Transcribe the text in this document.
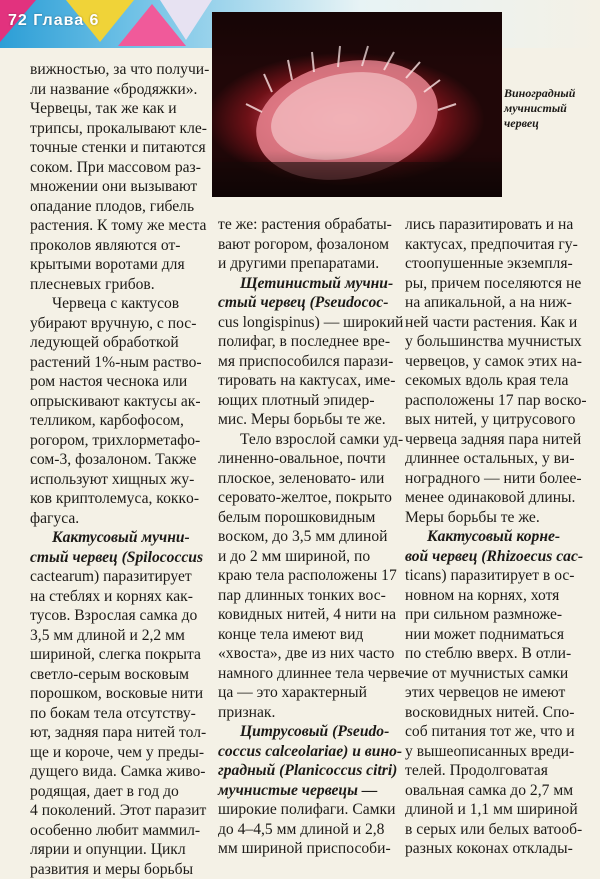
72 Глава 6
Виноградный
мучнистый
червец
вижностью, за что получи-
ли название «бродяжки».
Червецы, так же как и
трипсы, прокалывают кле-
точные стенки и питаются
соком. При массовом раз-
множении они вызывают
опадание плодов, гибель
растения. К тому же места
проколов являются от-
крытыми воротами для
плесневых грибов.
Червеца с кактусов
убирают вручную, с пос-
ледующей обработкой
растений 1%-ным раство-
ром настоя чеснока или
опрыскивают кактусы ак-
телликом, карбофосом,
рогором, трихлорметафо-
сом-3, фозалоном. Также
используют хищных жу-
ков криптолемуса, коккo-
фагуса.
Кактусовый мучни-
стый червец (Spilococcus
cactearum) паразитирует
на стеблях и корнях как-
тусов. Взрослая самка до
3,5 мм длиной и 2,2 мм
шириной, слегка покрыта
светло-серым восковым
порошком, восковые нити
по бокам тела отсутству-
ют, задняя пара нитей тол-
ще и короче, чем у преды-
дущего вида. Самка живо-
родящая, дает в год до
4 поколений. Этот паразит
особенно любит маммил-
лярии и опунции. Цикл
развития и меры борьбы
те же: растения обрабаты-
вают рогором, фозалоном
и другими препаратами.
Щетинистый мучни-
стый червец (Pseudococ-
cus longispinus) — широкий
полифаг, в последнее вре-
мя приспособился парази-
тировать на кактусах, име-
ющих плотный эпидер-
мис. Меры борьбы те же.
Тело взрослой самки уд-
линенно-овальное, почти
плоское, зеленовато- или
серовато-желтое, покрыто
белым порошковидным
воском, до 3,5 мм длиной
и до 2 мм шириной, по
краю тела расположены 17
пар длинных тонких вос-
ковидных нитей, 4 нити на
конце тела имеют вид
«хвоста», две из них часто
намного длиннее тела черве-
ца — это характерный
признак.
Цитрусовый (Pseudo-
coccus calceolariae) и вино-
градный (Planicoccus citri)
мучнистые червецы —
широкие полифаги. Самки
до 4–4,5 мм длиной и 2,8
мм шириной приспособи-
лись паразитировать и на
кактусах, предпочитая гу-
стоопушенные экземпля-
ры, причем поселяются не
на апикальной, а на ниж-
ней части растения. Как и
у большинства мучнистых
червецов, у самок этих на-
секомых вдоль края тела
расположены 17 пар воско-
вых нитей, у цитрусового
червеца задняя пара нитей
длиннее остальных, у ви-
ноградного — нити более-
менее одинаковой длины.
Меры борьбы те же.
Кактусовый корне-
вой червец (Rhizoecus cac-
ticans) паразитирует в ос-
новном на корнях, хотя
при сильном размноже-
нии может подниматься
по стеблю вверх. В отли-
чие от мучнистых самки
этих червецов не имеют
восковидных нитей. Спо-
соб питания тот же, что и
у вышеописанных вреди-
телей. Продолговатая
овальная самка до 2,7 мм
длиной и 1,1 мм шириной
в серых или белых ватооб-
разных коконах отклады-
